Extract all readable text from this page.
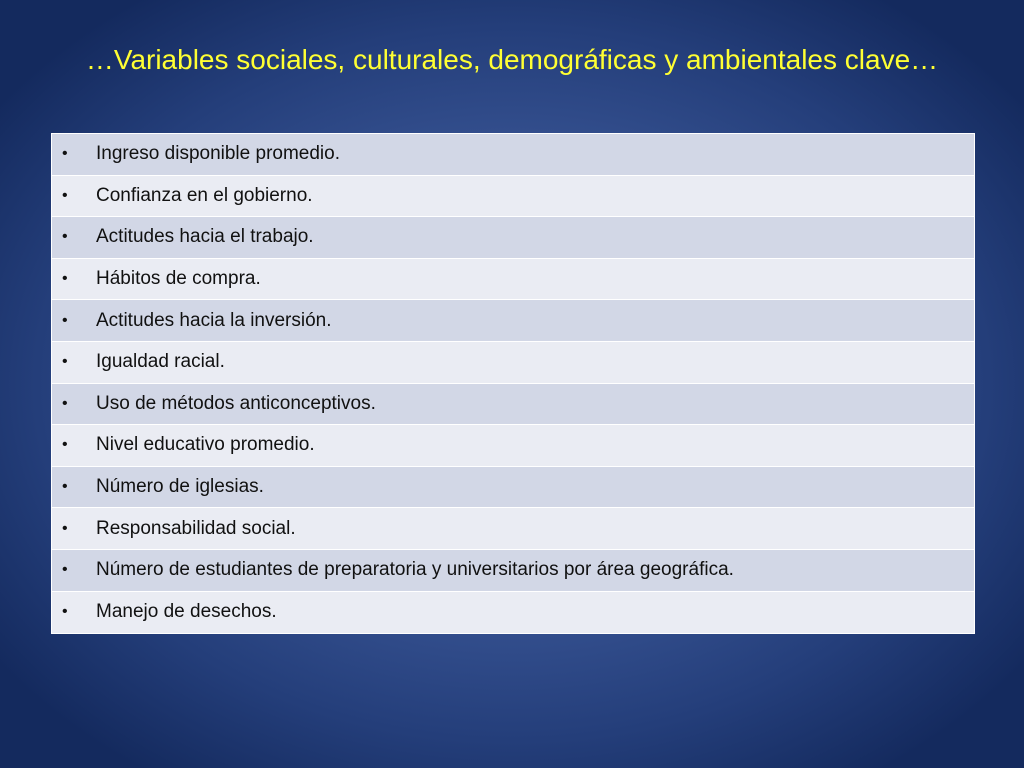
…Variables sociales, culturales, demográficas y ambientales clave…
•	Ingreso disponible promedio.
•	Confianza en el gobierno.
•	Actitudes hacia el trabajo.
•	Hábitos de compra.
•	Actitudes hacia la inversión.
•	Igualdad racial.
•	Uso de métodos anticonceptivos.
•	Nivel educativo promedio.
•	Número de iglesias.
•	Responsabilidad social.
•	Número de estudiantes de preparatoria y universitarios por área geográfica.
•	Manejo de desechos.
